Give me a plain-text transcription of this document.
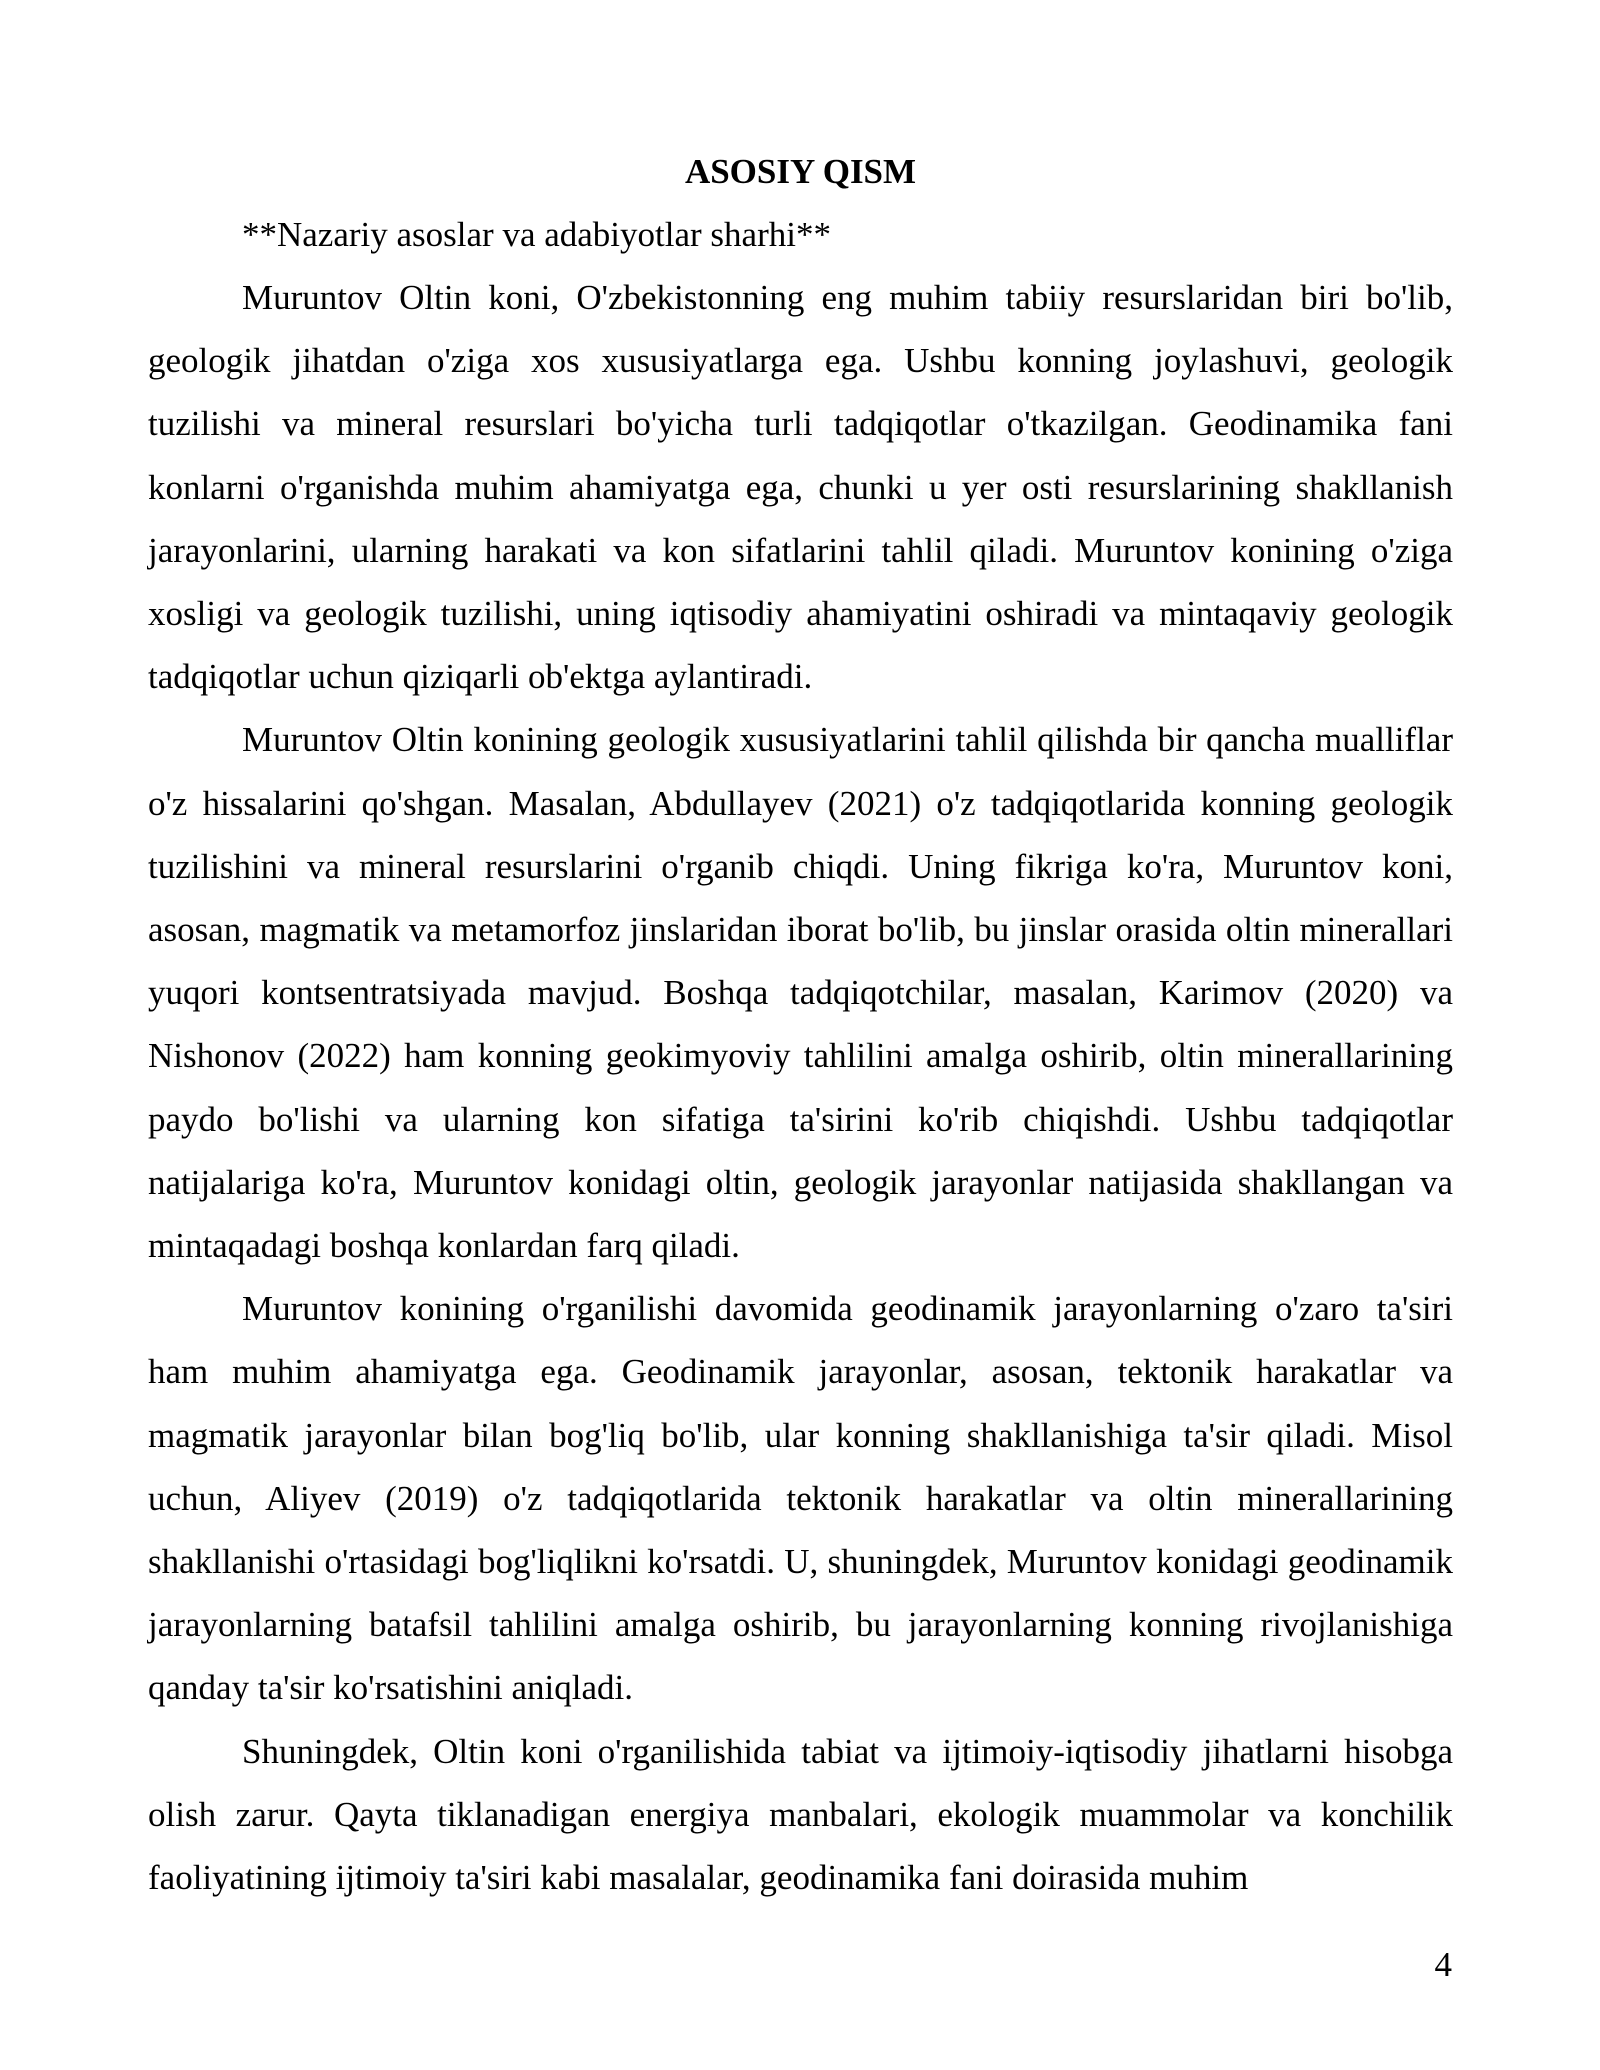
ASOSIY QISM
**Nazariy asoslar va adabiyotlar sharhi**

Muruntov Oltin koni, O'zbekistonning eng muhim tabiiy resurslaridan biri bo'lib, geologik jihatdan o'ziga xos xususiyatlarga ega. Ushbu konning joylashuvi, geologik tuzilishi va mineral resurslari bo'yicha turli tadqiqotlar o'tkazilgan. Geodinamika fani konlarni o'rganishda muhim ahamiyatga ega, chunki u yer osti resurslarining shakllanish jarayonlarini, ularning harakati va kon sifatlarini tahlil qiladi. Muruntov konining o'ziga xosligi va geologik tuzilishi, uning iqtisodiy ahamiyatini oshiradi va mintaqaviy geologik tadqiqotlar uchun qiziqarli ob'ektga aylantiradi.

Muruntov Oltin konining geologik xususiyatlarini tahlil qilishda bir qancha mualliflar o'z hissalarini qo'shgan. Masalan, Abdullayev (2021) o'z tadqiqotlarida konning geologik tuzilishini va mineral resurslarini o'rganib chiqdi. Uning fikriga ko'ra, Muruntov koni, asosan, magmatik va metamorfoz jinslaridan iborat bo'lib, bu jinslar orasida oltin minerallari yuqori kontsentratsiyada mavjud. Boshqa tadqiqotchilar, masalan, Karimov (2020) va Nishonov (2022) ham konning geokimyoviy tahlilini amalga oshirib, oltin minerallarining paydo bo'lishi va ularning kon sifatiga ta'sirini ko'rib chiqishdi. Ushbu tadqiqotlar natijalariga ko'ra, Muruntov konidagi oltin, geologik jarayonlar natijasida shakllangan va mintaqadagi boshqa konlardan farq qiladi.

Muruntov konining o'rganilishi davomida geodinamik jarayonlarning o'zaro ta'siri ham muhim ahamiyatga ega. Geodinamik jarayonlar, asosan, tektonik harakatlar va magmatik jarayonlar bilan bog'liq bo'lib, ular konning shakllanishiga ta'sir qiladi. Misol uchun, Aliyev (2019) o'z tadqiqotlarida tektonik harakatlar va oltin minerallarining shakllanishi o'rtasidagi bog'liqlikni ko'rsatdi. U, shuningdek, Muruntov konidagi geodinamik jarayonlarning batafsil tahlilini amalga oshirib, bu jarayonlarning konning rivojlanishiga qanday ta'sir ko'rsatishini aniqladi.

Shuningdek, Oltin koni o'rganilishida tabiat va ijtimoiy-iqtisodiy jihatlarni hisobga olish zarur. Qayta tiklanadigan energiya manbalari, ekologik muammolar va konchilik faoliyatining ijtimoiy ta'siri kabi masalalar, geodinamika fani doirasida muhim

4
